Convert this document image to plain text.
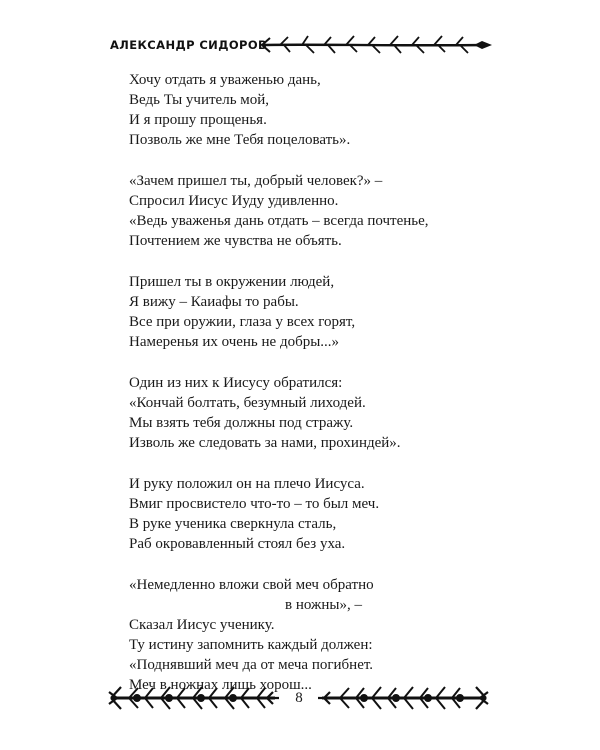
АЛЕКСАНДР СИДОРОВ
Хочу отдать я уваженью дань,
Ведь Ты учитель мой,
И я прошу прощенья.
Позволь же мне Тебя поцеловать».
«Зачем пришел ты, добрый человек?» –
Спросил Иисус Иуду удивленно.
«Ведь уваженья дань отдать – всегда почтенье,
Почтением же чувства не объять.
Пришел ты в окружении людей,
Я вижу – Каиафы то рабы.
Все при оружии, глаза у всех горят,
Намеренья их очень не добры...»
Один из них к Иисусу обратился:
«Кончай болтать, безумный лиходей.
Мы взять тебя должны под стражу.
Изволь же следовать за нами, прохиндей».
И руку положил он на плечо Иисуса.
Вмиг просвистело что-то – то был меч.
В руке ученика сверкнула сталь,
Раб окровавленный стоял без уха.
«Немедленно вложи свой меч обратно
в ножны», –
Сказал Иисус ученику.
Ту истину запомнить каждый должен:
«Поднявший меч да от меча погибнет.
Меч в ножнах лишь хорош...
8
